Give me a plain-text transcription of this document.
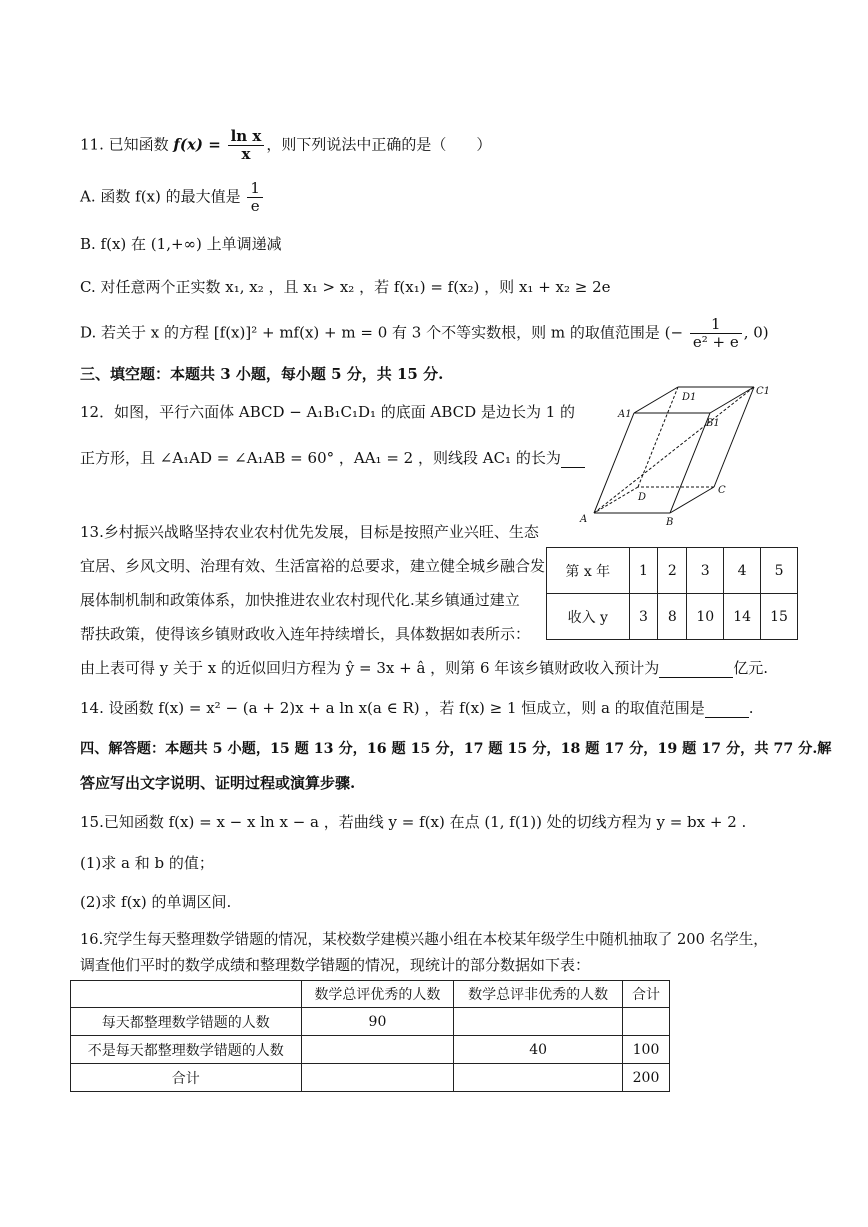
11. 已知函数 $f(x) = \frac{\text{ln x}}{x}$ ，则下列说法中正确的是（　　）
A. 函数 f(x) 的最大值是 $\frac{1}{e}$
B. f(x) 在 (1,+∞) 上单调递减
C. 对任意两个正实数 x₁, x₂ ，且 x₁ > x₂ ，若 f(x₁) = f(x₂) ，则 x₁ + x₂ ≥ 2e
D. 若关于 x 的方程 [f(x)]² + mf(x) + m = 0 有 3 个不等实数根，则 m 的取值范围是 (− $\frac{1}{\text{e² + e}}$ , 0)
三、填空题：本题共 3 小题，每小题 5 分，共 15 分.
12．如图，平行六面体 ABCD − A₁B₁C₁D₁ 的底面 ABCD 是边长为 1 的
正方形，且 ∠A₁AD = ∠A₁AB = 60° ，AA₁ = 2 ，则线段 AC₁ 的长为
A	B
C
D
A1
B1
C1
D1
13.乡村振兴战略坚持农业农村优先发展，目标是按照产业兴旺、生态
宜居、乡风文明、治理有效、生活富裕的总要求，建立健全城乡融合发
展体制机制和政策体系，加快推进农业农村现代化.某乡镇通过建立
帮扶政策，使得该乡镇财政收入连年持续增长，具体数据如表所示：
第 x 年	1	2	3	4	5
收入 y	3	8	10	14	15
由上表可得 y 关于 x 的近似回归方程为 ŷ = 3x + â ，则第 6 年该乡镇财政收入预计为	亿元.
14. 设函数 f(x) = x² − (a + 2)x + a ln x(a ∈ R) ，若 f(x) ≥ 1 恒成立，则 a 的取值范围是	.
四、解答题：本题共 5 小题，15 题 13 分，16 题 15 分，17 题 15 分，18 题 17 分，19 题 17 分，共 77 分.解
答应写出文字说明、证明过程或演算步骤.
15.已知函数 f(x) = x − x ln x − a ，若曲线 y = f(x) 在点 (1, f(1)) 处的切线方程为 y = bx + 2 .
(1)求 a 和 b 的值；
(2)求 f(x) 的单调区间.
16.究学生每天整理数学错题的情况，某校数学建模兴趣小组在本校某年级学生中随机抽取了 200 名学生，
调查他们平时的数学成绩和整理数学错题的情况，现统计的部分数据如下表：
	数学总评优秀的人数	数学总评非优秀的人数	合计
每天都整理数学错题的人数	90		
不是每天都整理数学错题的人数		40	100
合计			200
